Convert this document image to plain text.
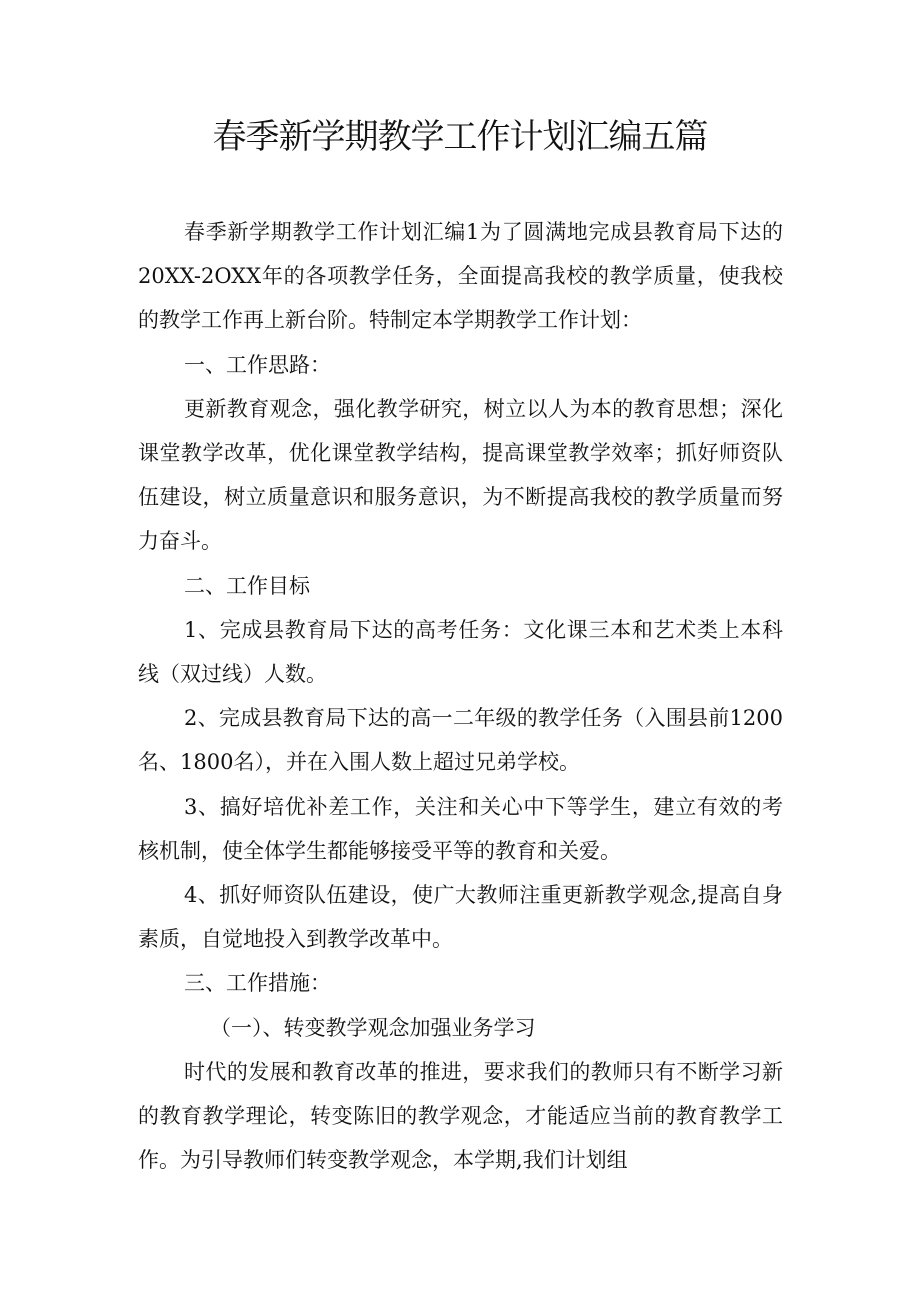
春季新学期教学工作计划汇编五篇

春季新学期教学工作计划汇编1为了圆满地完成县教育局下达的20XX-2OXX年的各项教学任务，全面提高我校的教学质量，使我校的教学工作再上新台阶。特制定本学期教学工作计划：

一、工作思路：

更新教育观念，强化教学研究，树立以人为本的教育思想；深化课堂教学改革，优化课堂教学结构，提高课堂教学效率；抓好师资队伍建设，树立质量意识和服务意识，为不断提高我校的教学质量而努力奋斗。

二、工作目标

1、完成县教育局下达的高考任务：文化课三本和艺术类上本科线（双过线）人数。

2、完成县教育局下达的高一二年级的教学任务（入围县前1200名、1800名），并在入围人数上超过兄弟学校。

3、搞好培优补差工作，关注和关心中下等学生，建立有效的考核机制，使全体学生都能够接受平等的教育和关爱。

4、抓好师资队伍建设，使广大教师注重更新教学观念,提高自身素质，自觉地投入到教学改革中。

三、工作措施：

（一）、转变教学观念加强业务学习

时代的发展和教育改革的推进，要求我们的教师只有不断学习新的教育教学理论，转变陈旧的教学观念，才能适应当前的教育教学工作。为引导教师们转变教学观念，本学期,我们计划组
